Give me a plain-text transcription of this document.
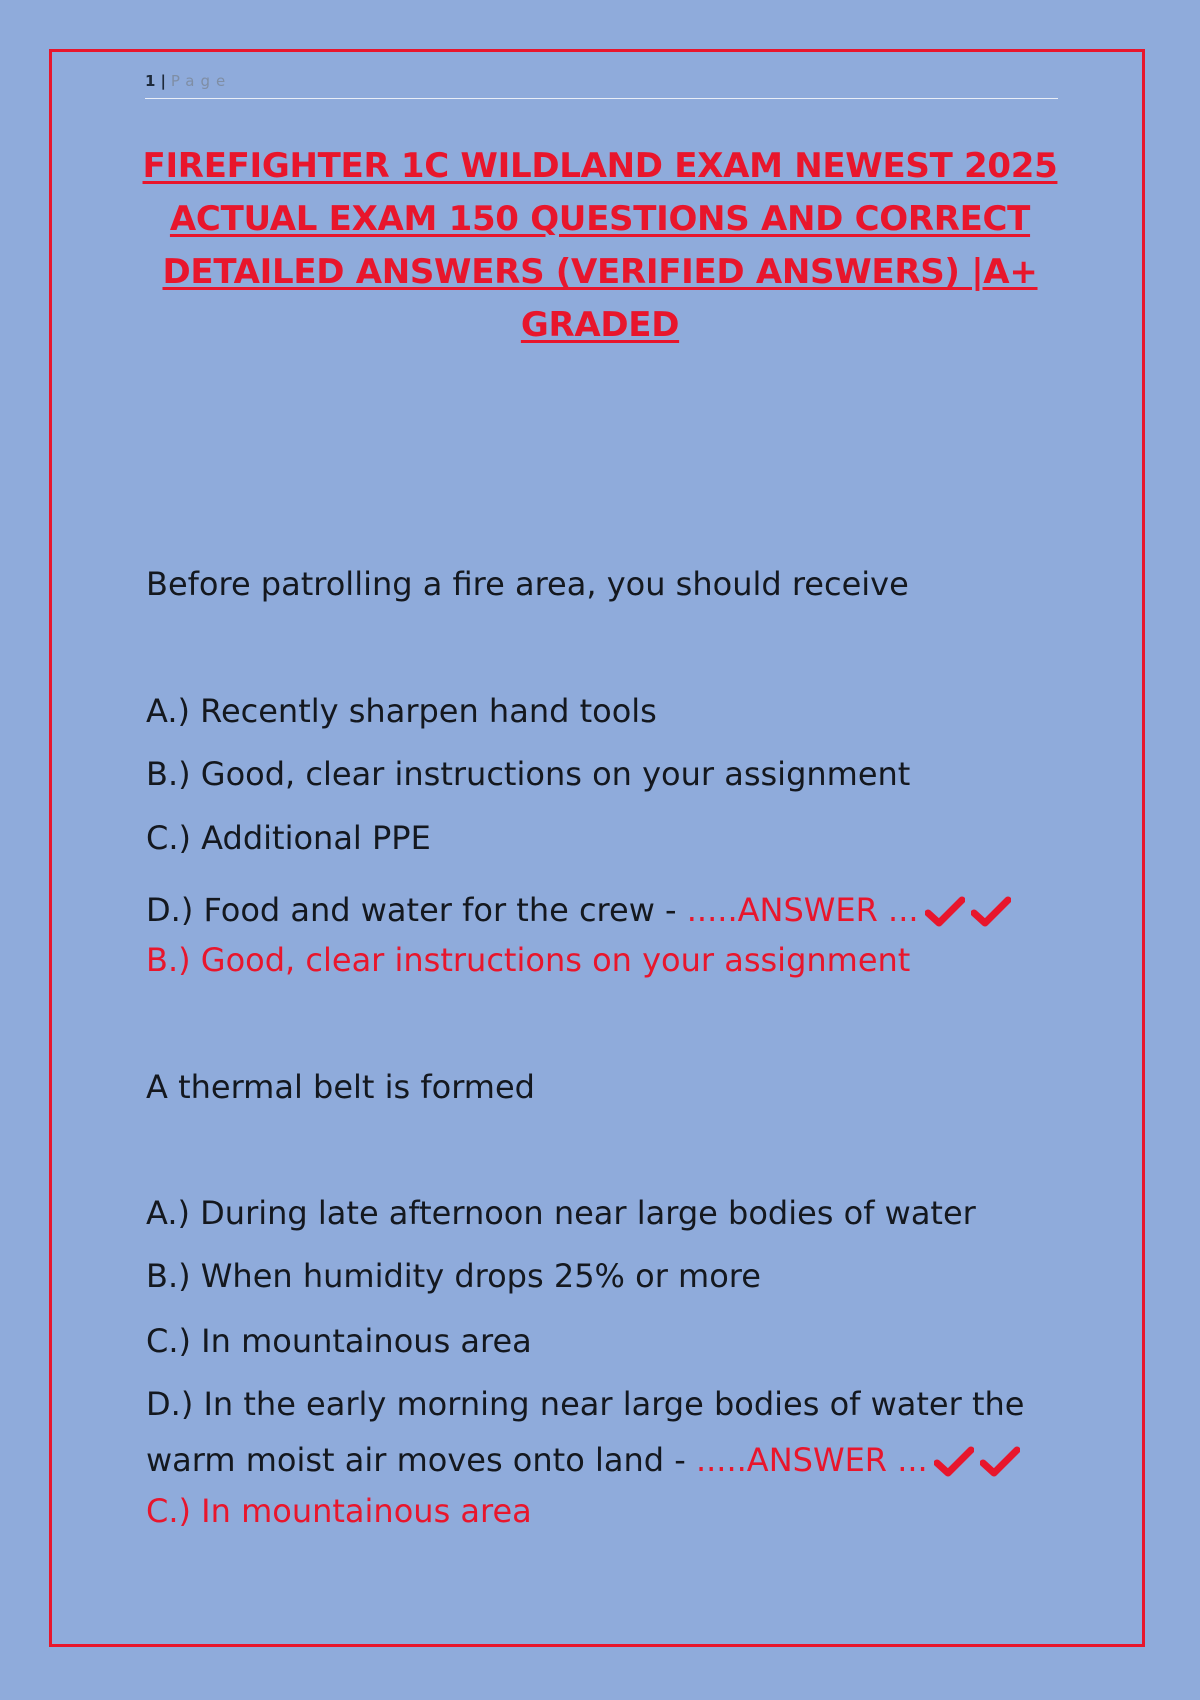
1 | Page
FIREFIGHTER 1C WILDLAND EXAM NEWEST 2025
ACTUAL EXAM 150 QUESTIONS AND CORRECT
DETAILED ANSWERS (VERIFIED ANSWERS) |A+
GRADED
Before patrolling a fire area, you should receive
A.) Recently sharpen hand tools
B.) Good, clear instructions on your assignment
C.) Additional PPE
D.) Food and water for the crew - .....ANSWER ...
B.) Good, clear instructions on your assignment
A thermal belt is formed
A.) During late afternoon near large bodies of water
B.) When humidity drops 25% or more
C.) In mountainous area
D.) In the early morning near large bodies of water the
warm moist air moves onto land - .....ANSWER ...
C.) In mountainous area
